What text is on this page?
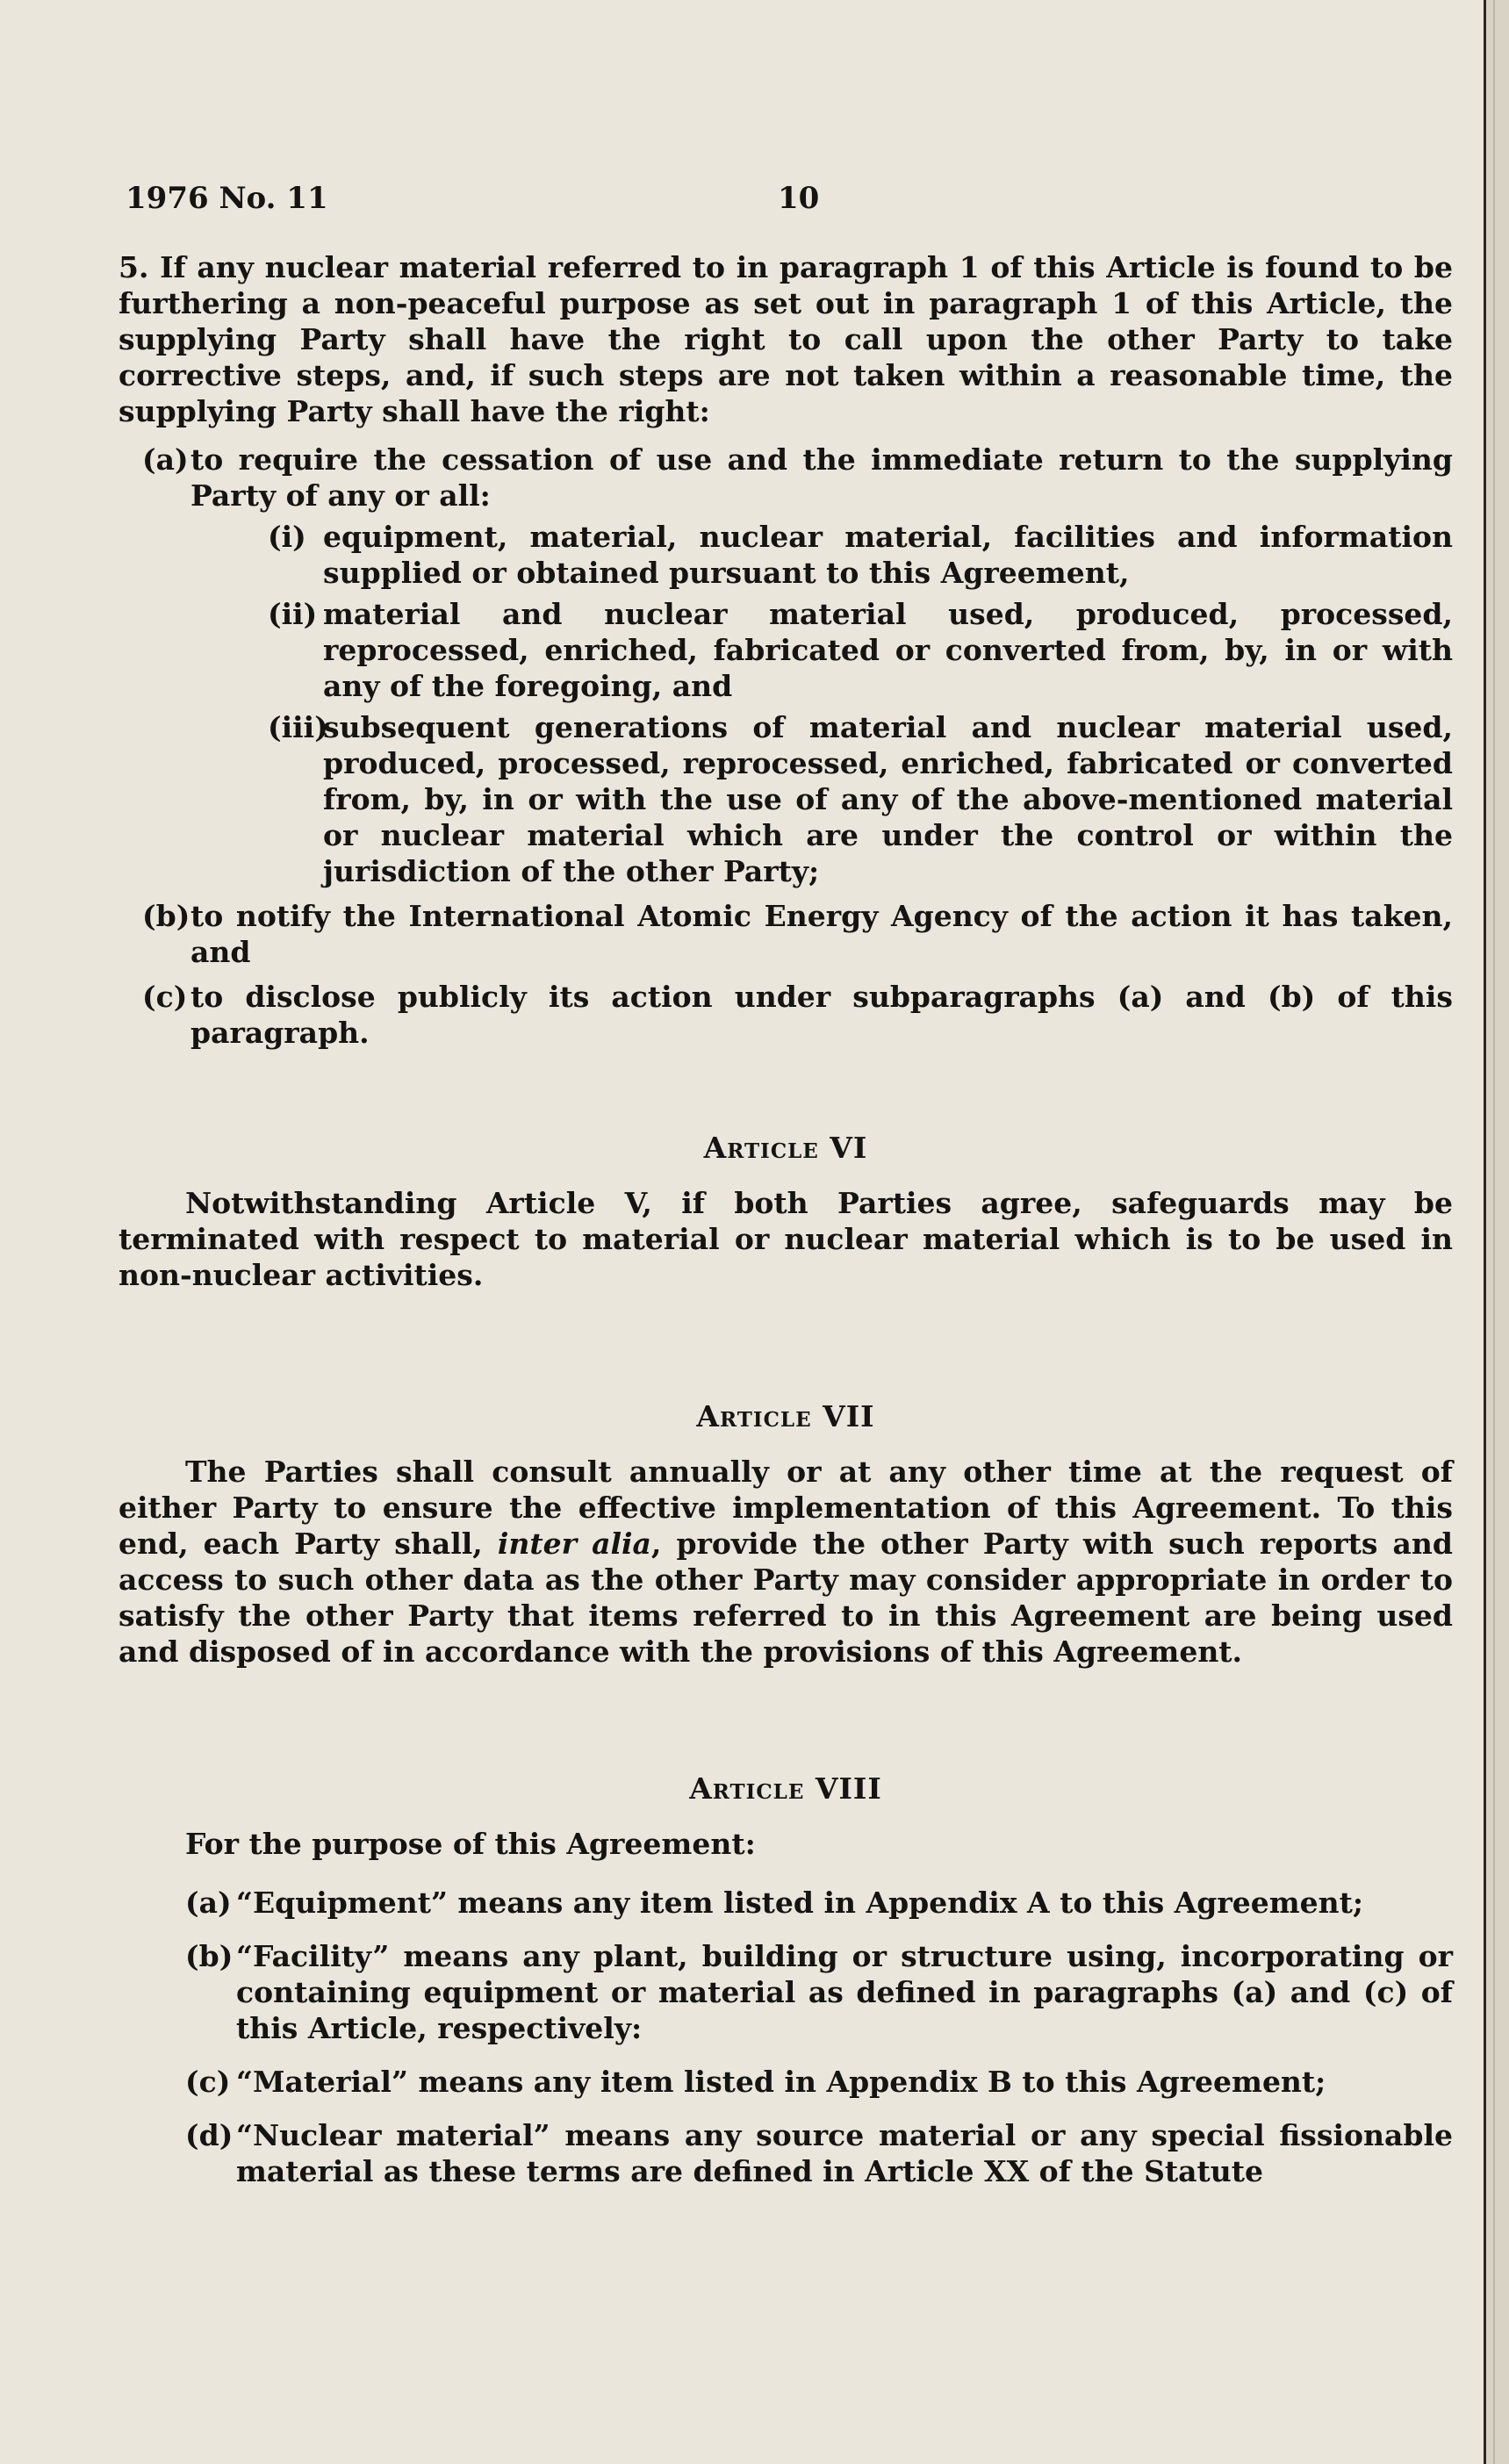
1976 No. 11	10

5. If any nuclear material referred to in paragraph 1 of this Article is found to be furthering a non-peaceful purpose as set out in paragraph 1 of this Article, the supplying Party shall have the right to call upon the other Party to take corrective steps, and, if such steps are not taken within a reasonable time, the supplying Party shall have the right:

(a) to require the cessation of use and the immediate return to the supplying Party of any or all:
(i) equipment, material, nuclear material, facilities and information supplied or obtained pursuant to this Agreement,
(ii) material and nuclear material used, produced, processed, reprocessed, enriched, fabricated or converted from, by, in or with any of the foregoing, and
(iii)
subsequent generations of material and nuclear material used, produced, processed, reprocessed, enriched, fabricated or converted from, by, in or with the use of any of the above-mentioned material or nuclear material which are under the control or within the jurisdiction of the other Party;
(b) to notify the International Atomic Energy Agency of the action it has taken, and
(c) to disclose publicly its action under subparagraphs (a) and (b) of this paragraph.
Article VI

Notwithstanding Article V, if both Parties agree, safeguards may be terminated with respect to material or nuclear material which is to be used in non-nuclear activities.

Article VII

The Parties shall consult annually or at any other time at the request of either Party to ensure the effective implementation of this Agreement. To this end, each Party shall, inter alia, provide the other Party with such reports and access to such other data as the other Party may consider appropriate in order to satisfy the other Party that items referred to in this Agreement are being used and disposed of in accordance with the provisions of this Agreement.

Article VIII

For the purpose of this Agreement:

(a) “Equipment” means any item listed in Appendix A to this Agreement;
(b) “Facility” means any plant, building or structure using, incorporating or containing equipment or material as defined in paragraphs (a) and (c) of this Article, respectively:
(c) “Material” means any item listed in Appendix B to this Agreement;
(d) “Nuclear material” means any source material or any special fissionable material as these terms are defined in Article XX of the Statute
